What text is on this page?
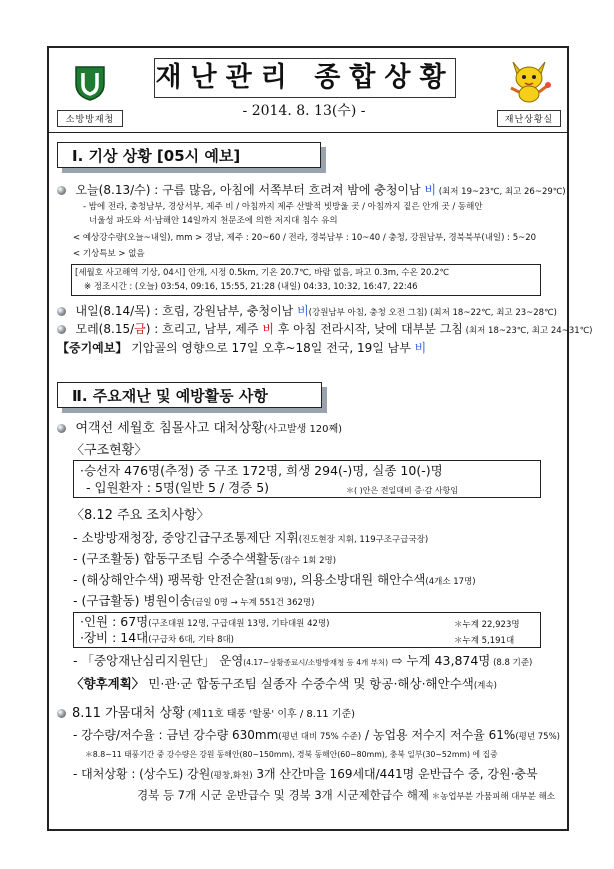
소방방재청
재난관리 종합상황
- 2014. 8. 13(수) -
재난상황실
Ⅰ. 기상 상황 [05시 예보]
오늘(8.13/수) : 구름 많음, 아침에 서쪽부터 흐려져 밤에 충청이남 비 (최저 19~23℃, 최고 26~29℃)
- 밤에 전라, 충청남부, 경상서부, 제주 비 / 아침까지 제주 산발적 빗방울 곳 / 아침까지 짙은 안개 곳 / 동해안
너울성 파도와 서·남해안 14일까지 천문조에 의한 저지대 침수 유의
< 예상강수량(오늘~내일), mm > 경남, 제주 : 20~60 / 전라, 경북남부 : 10~40 / 충청, 강원남부, 경북북부(내일) : 5~20
< 기상특보 > 없음
[세월호 사고해역 기상, 04시] 안개, 시정 0.5km, 기온 20.7℃, 바람 없음, 파고 0.3m, 수온 20.2℃
※ 정조시간 : (오늘) 03:54, 09:16, 15:55, 21:28 (내일) 04:33, 10:32, 16:47, 22:46
내일(8.14/목) : 흐림, 강원남부, 충청이남 비(강원남부 아침, 충청 오전 그침) (최저 18~22℃, 최고 23~28℃)
모레(8.15/금) : 흐리고, 남부, 제주 비 후 아침 전라시작, 낮에 대부분 그침 (최저 18~23℃, 최고 24~31℃)
【중기예보】 기압골의 영향으로 17일 오후~18일 전국, 19일 남부 비
Ⅱ. 주요재난 및 예방활동 사항
여객선 세월호 침몰사고 대처상황(사고발생 120째)
〈구조현황〉
·승선자 476명(추정) 중 구조 172명, 희생 294(-)명, 실종 10(-)명
- 입원환자 : 5명(일반 5 / 경증 5)	＊( )안은 전일대비 증·감 사항임
〈8.12 주요 조치사항〉
- 소방방재청장, 중앙긴급구조통제단 지휘(진도현장 지휘, 119구조구급국장)
- (구조활동) 합동구조팀 수중수색활동(잠수 1회 2명)
- (해상해안수색) 팽목항 안전순찰(1회 9명), 의용소방대원 해안수색(4개소 17명)
- (구급활동) 병원이송(금일 0명 → 누계 551건 362명)
·인원 : 67명(구조대원 12명, 구급대원 13명, 기타대원 42명)	＊누계 22,923명
·장비 : 14대(구급차 6대, 기타 8대)	＊누계 5,191대
- 「중앙재난심리지원단」 운영(4.17~상황종료시/소방방재청 등 4개 부처) ⇨ 누계 43,874명 (8.8 기준)
〈향후계획〉 민·관·군 합동구조팀 실종자 수중수색 및 항공·해상·해안수색(계속)
8.11 가뭄대처 상황 (제11호 태풍 '할롱' 이후 / 8.11 기준)
- 강수량/저수율 : 금년 강수량 630mm(평년 대비 75% 수준) / 농업용 저수지 저수율 61%(평년 75%)
＊8.8~11 태풍기간 중 강수량은 강원 동해안(80~150mm), 경북 동해안(60~80mm), 충북 일부(30~52mm) 에 집중
- 대처상황 : (상수도) 강원(평창,화천) 3개 산간마을 169세대/441명 운반급수 중, 강원·충북
경북 등 7개 시군 운반급수 및 경북 3개 시군제한급수 해제 ＊농업부분 가뭄피해 대부분 해소
